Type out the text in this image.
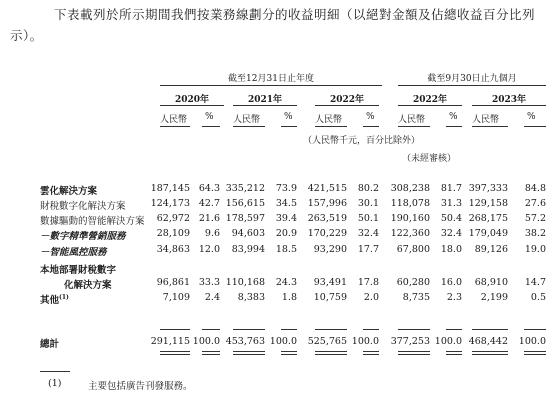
下表載列於所示期間我們按業務線劃分的收益明細（以絕對金額及佔總收益百分比列示）。
截至12月31日止年度	截至9月30日止九個月
2020年	2021年	2022年	2022年	2023年
人民幣 % 人民幣	% 人民幣	%	人民幣	% 人民幣	%
（人民幣千元，百分比除外）
（未經審核）
雲化解決方案	187,145 64.3 335,212 73.9 421,515 80.2 308,238 81.7 397,333 84.8
財稅數字化解決方案	124,173 42.7 156,615 34.5 157,996 30.1 118,078 31.3 129,158 27.6
數據驅動的智能解決方案 62,972 21.6 178,597 39.4 263,519 50.1 190,160 50.4 268,175 57.2
－數字精準營銷服務	28,109 9.6 94,603 20.9 170,229 32.4 122,360 32.4 179,049 38.2
－智能風控服務	34,863 12.0 83,994 18.5 93,290 17.7 67,800 18.0 89,126 19.0
本地部署財稅數字
化解決方案	96,861 33.3 110,168 24.3 93,491 17.8 60,280 16.0 68,910 14.7
其他$^{(1)}$	7,109 2.4 8,383 1.8 10,759 2.0	8,735 2.3 2,199 0.5
總計	291,115 100.0 453,763 100.0 525,765 100.0 377,253 100.0 468,442 100.0
(1)	主要包括廣告刊發服務。
